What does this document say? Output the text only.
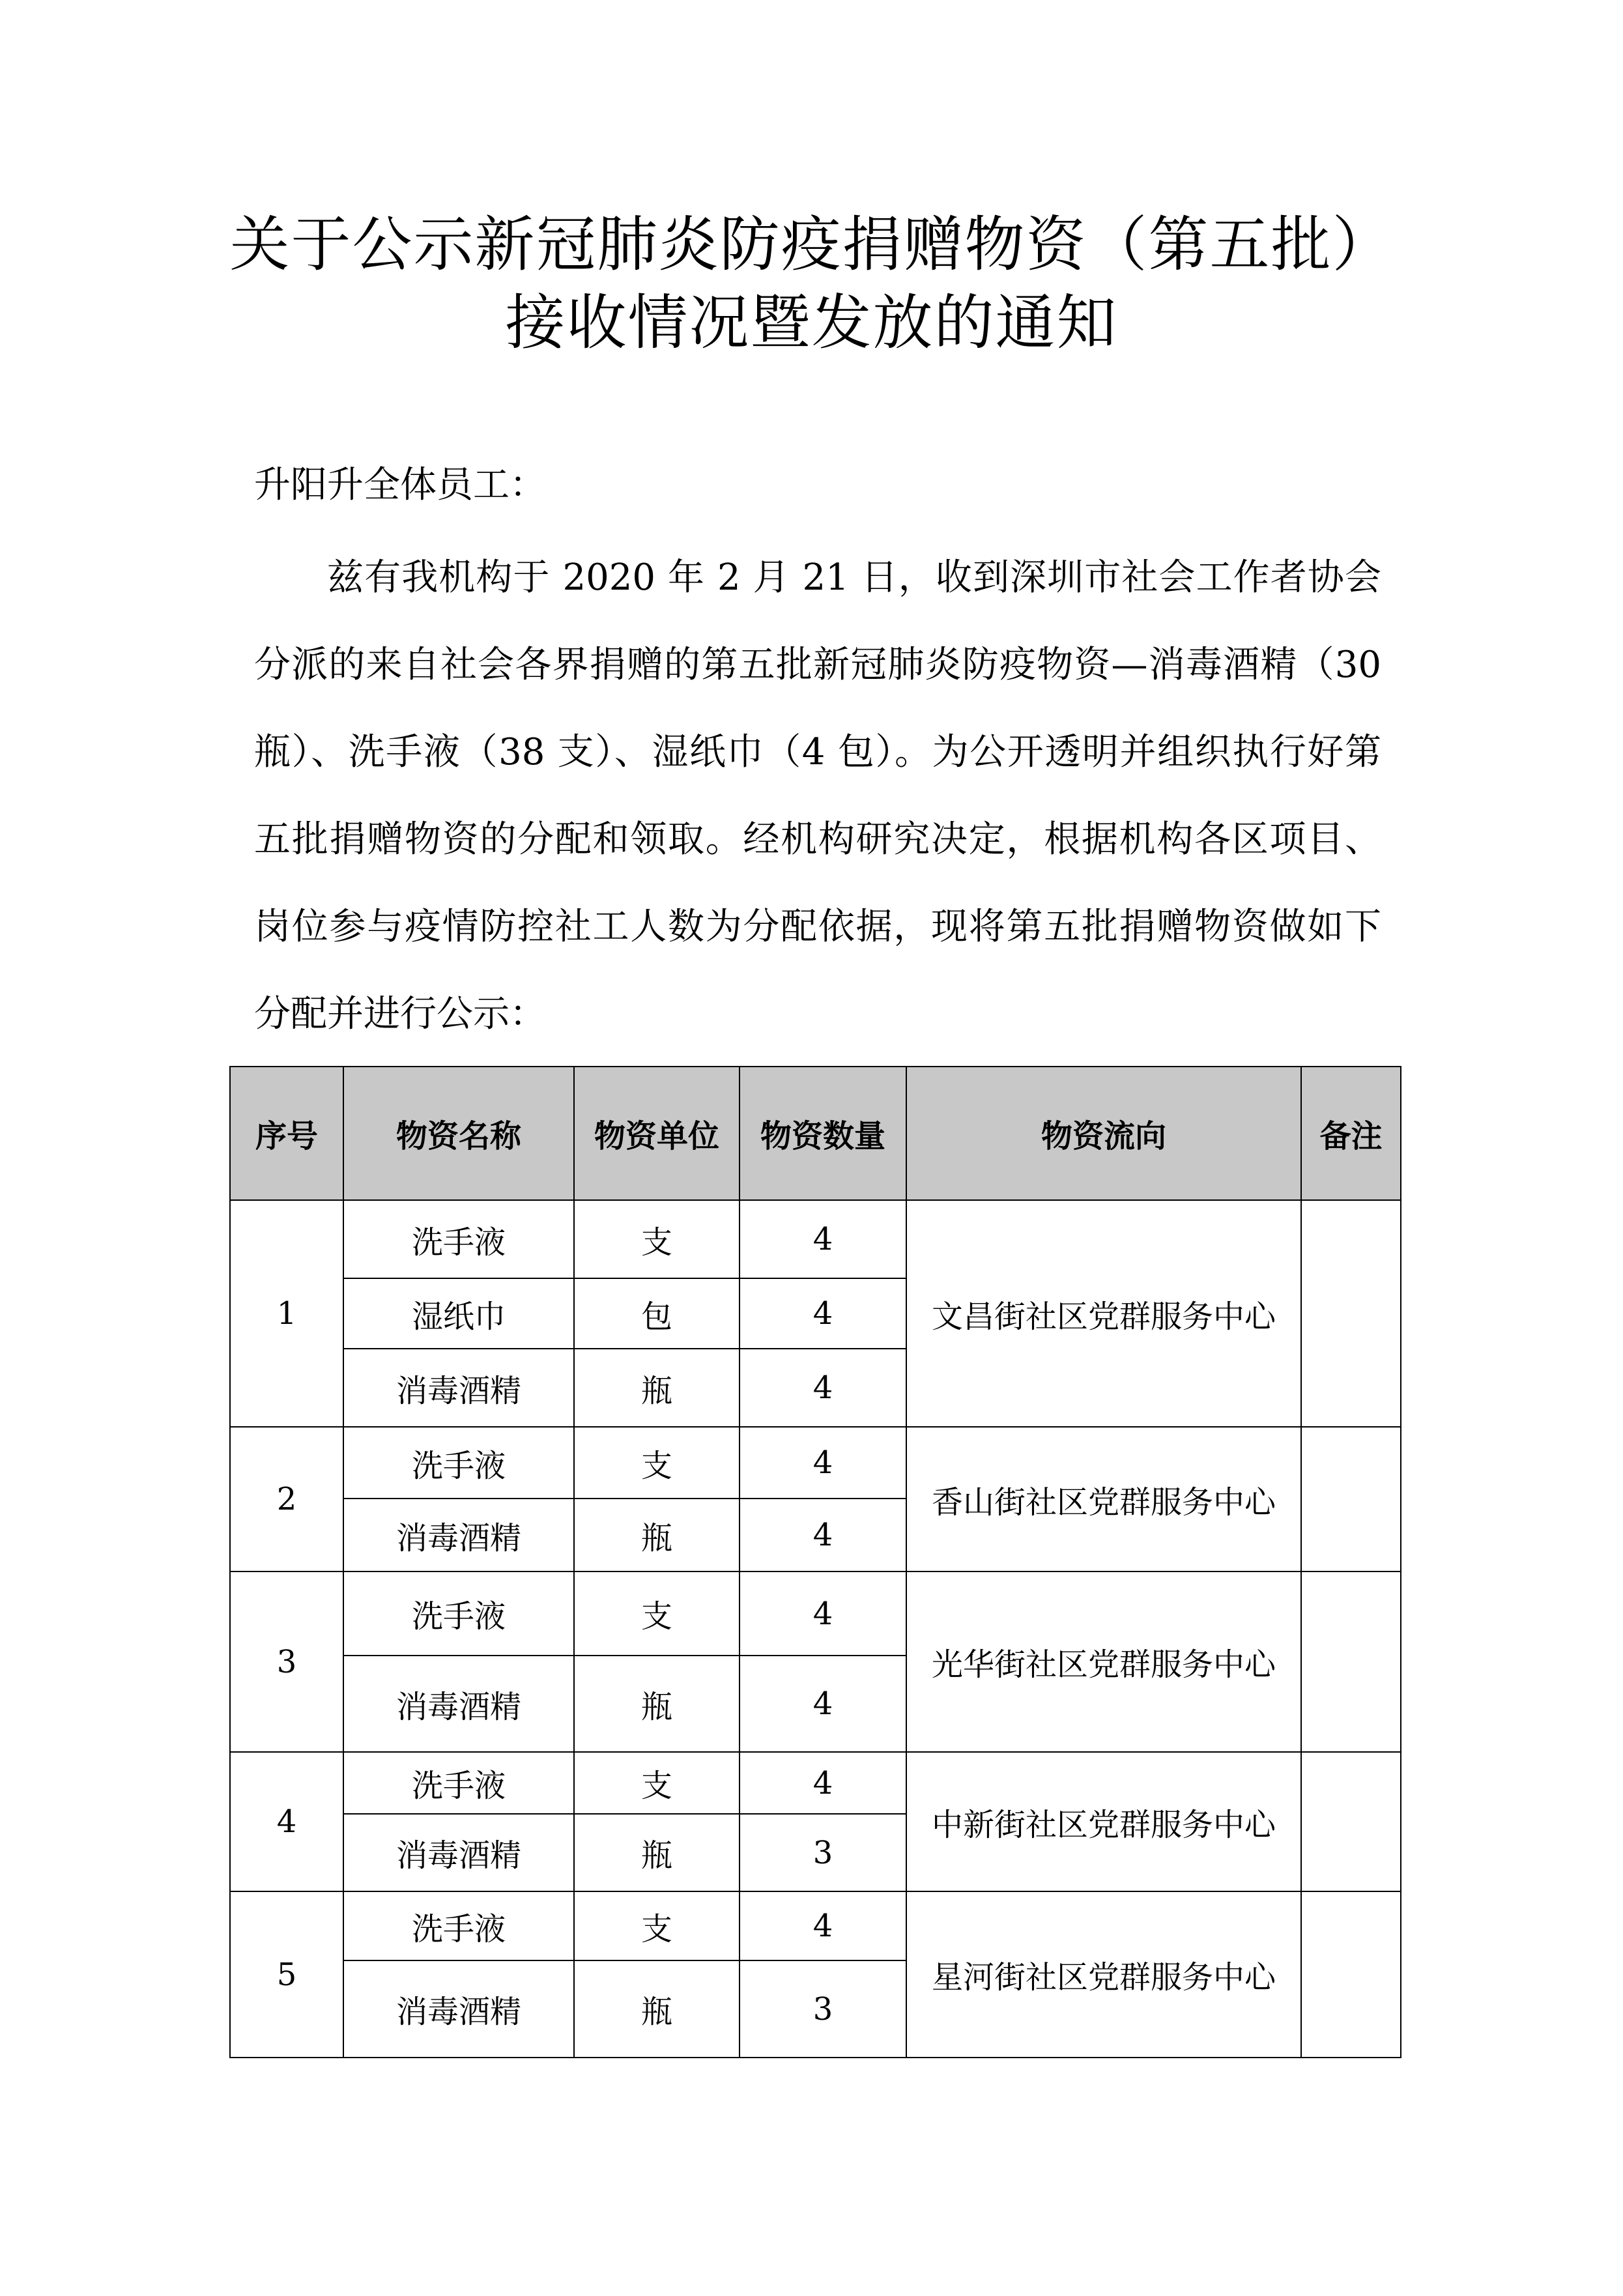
关于公示新冠肺炎防疫捐赠物资（第五批）
接收情况暨发放的通知
升阳升全体员工：
兹有我机构于 2020 年 2 月 21 日，收到深圳市社会工作者协会分派的来自社会各界捐赠的第五批新冠肺炎防疫物资—消毒酒精（30 瓶）、洗手液（38 支）、湿纸巾（4 包）。为公开透明并组织执行好第五批捐赠物资的分配和领取。经机构研究决定，根据机构各区项目、岗位参与疫情防控社工人数为分配依据，现将第五批捐赠物资做如下分配并进行公示：
序号	物资名称	物资单位	物资数量	物资流向	备注
1	洗手液	支	4	文昌街社区党群服务中心	
	湿纸巾	包	4		
	消毒酒精	瓶	4		
2	洗手液	支	4	香山街社区党群服务中心	
	消毒酒精	瓶	4		
3	洗手液	支	4	光华街社区党群服务中心	
	消毒酒精	瓶	4		
4	洗手液	支	4	中新街社区党群服务中心	
	消毒酒精	瓶	3		
5	洗手液	支	4	星河街社区党群服务中心	
	消毒酒精	瓶	3		
